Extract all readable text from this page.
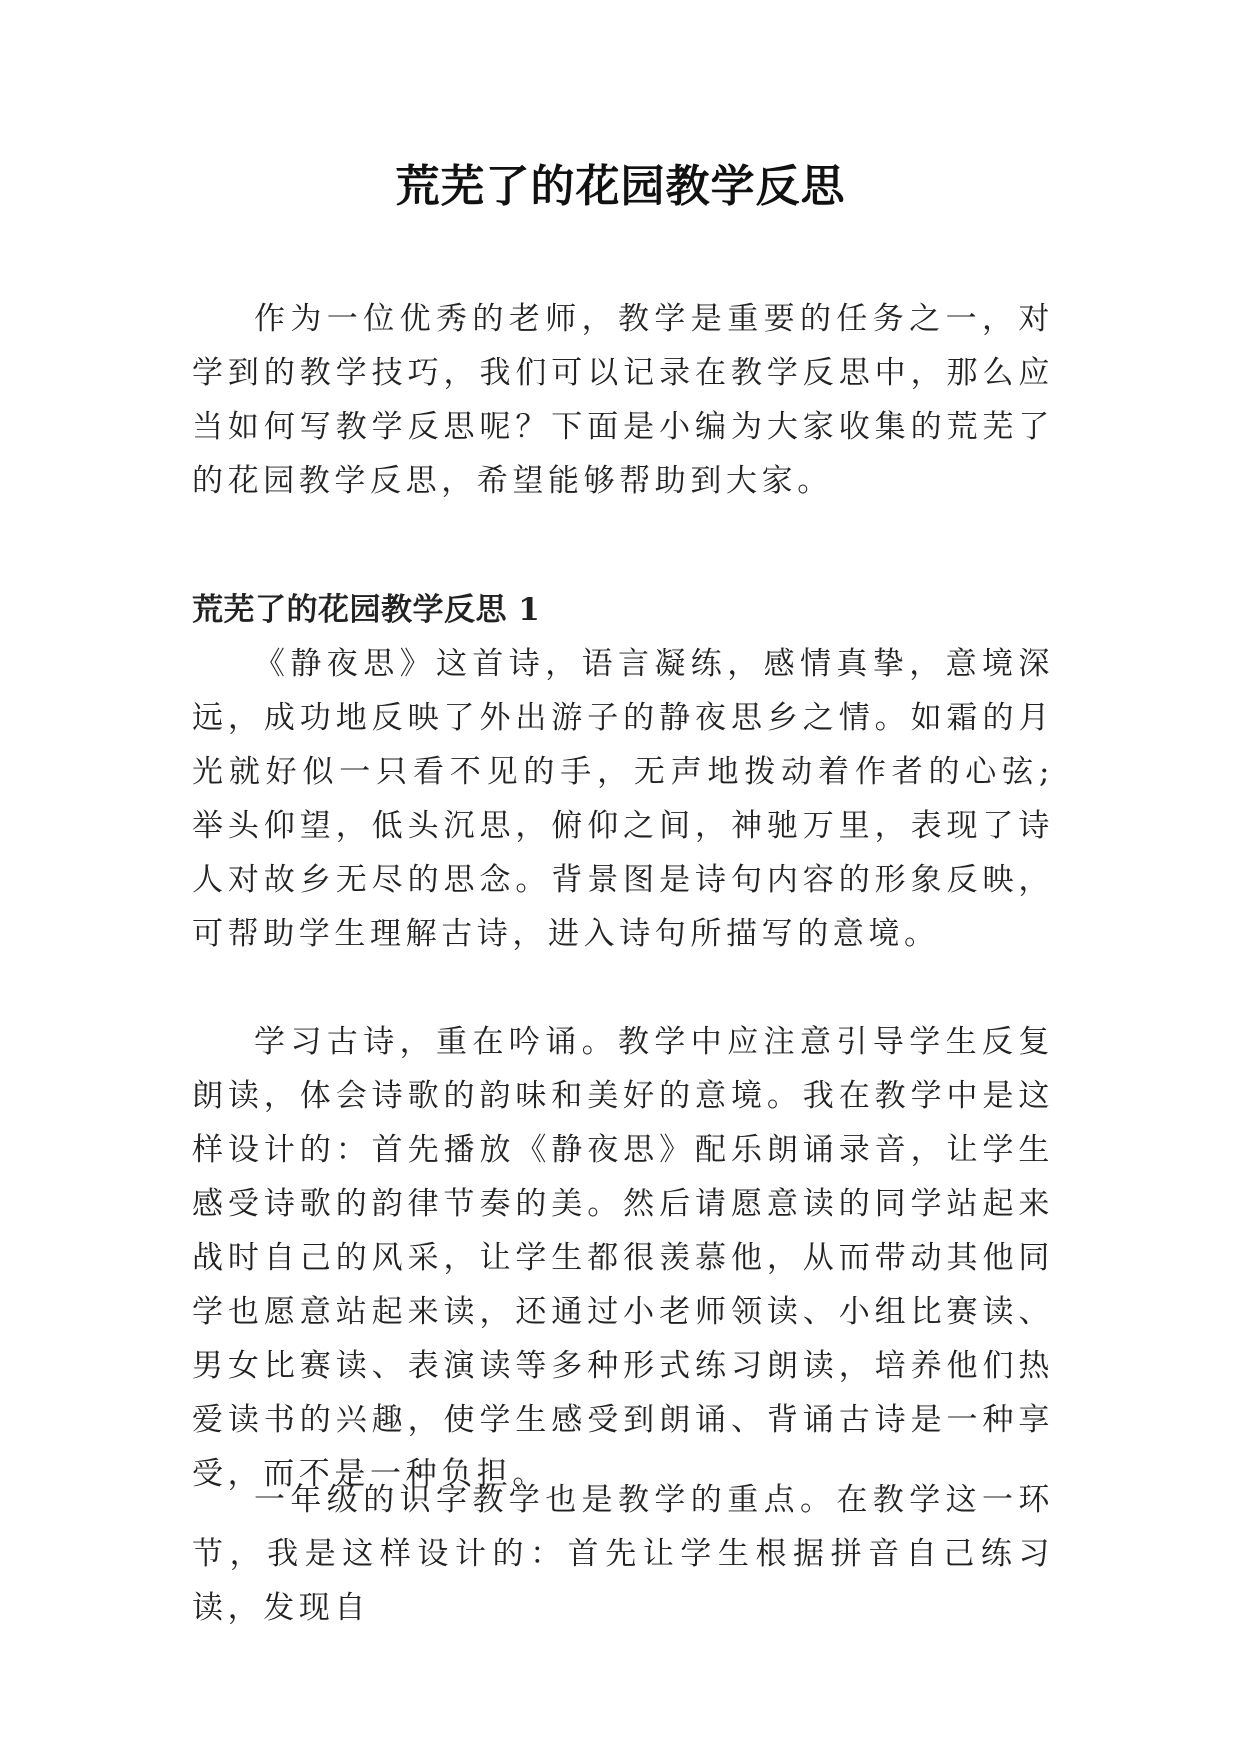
荒芜了的花园教学反思

作为一位优秀的老师，教学是重要的任务之一，对学到的教学技巧，我们可以记录在教学反思中，那么应当如何写教学反思呢？下面是小编为大家收集的荒芜了的花园教学反思，希望能够帮助到大家。

荒芜了的花园教学反思 1

《静夜思》这首诗，语言凝练，感情真挚，意境深远，成功地反映了外出游子的静夜思乡之情。如霜的月光就好似一只看不见的手，无声地拨动着作者的心弦;举头仰望，低头沉思，俯仰之间，神驰万里，表现了诗人对故乡无尽的思念。背景图是诗句内容的形象反映，可帮助学生理解古诗，进入诗句所描写的意境。

学习古诗，重在吟诵。教学中应注意引导学生反复朗读，体会诗歌的韵味和美好的意境。我在教学中是这样设计的：首先播放《静夜思》配乐朗诵录音，让学生感受诗歌的韵律节奏的美。然后请愿意读的同学站起来战时自己的风采，让学生都很羡慕他，从而带动其他同学也愿意站起来读，还通过小老师领读、小组比赛读、男女比赛读、表演读等多种形式练习朗读，培养他们热爱读书的兴趣，使学生感受到朗诵、背诵古诗是一种享受，而不是一种负担。

一年级的识字教学也是教学的重点。在教学这一环节，我是这样设计的：首先让学生根据拼音自己练习读，发现自
